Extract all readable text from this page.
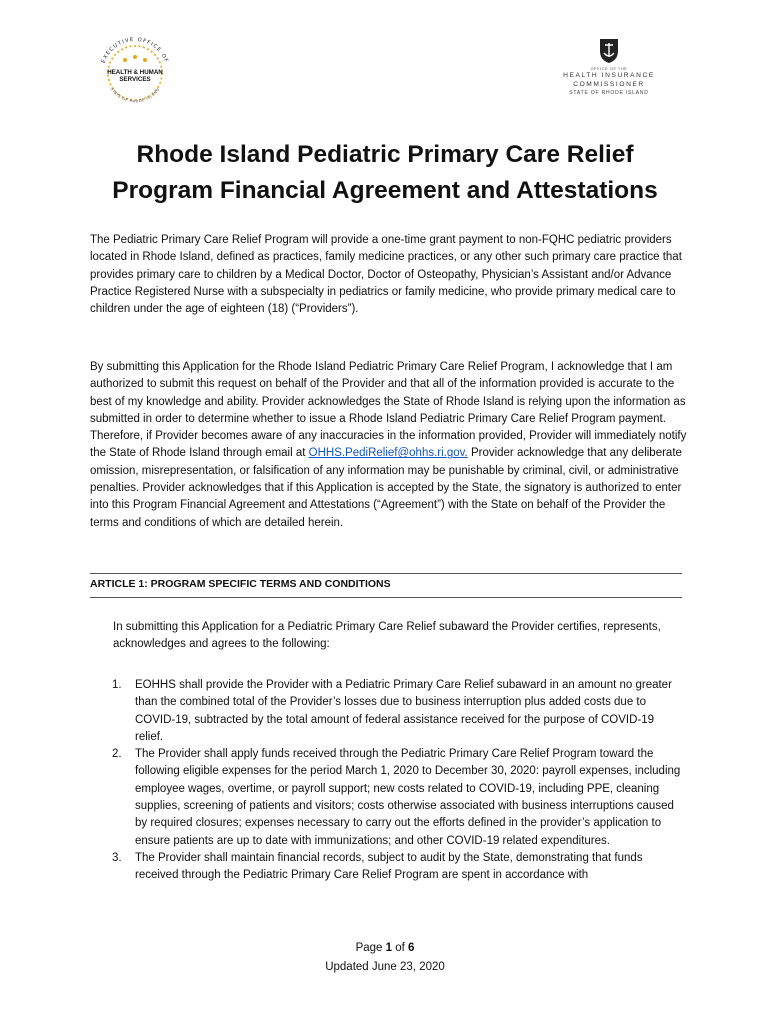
EXECUTIVE OFFICE OF
STATE OF RHODE ISLAND
HEALTH & HUMAN
SERVICES
OFFICE OF THE
HEALTH INSURANCE COMMISSIONER
STATE OF RHODE ISLAND
Rhode Island Pediatric Primary Care Relief
Program Financial Agreement and Attestations

The Pediatric Primary Care Relief Program will provide a one-time grant payment to non-FQHC pediatric providers located in Rhode Island, defined as practices, family medicine practices, or any other such primary care practice that provides primary care to children by a Medical Doctor, Doctor of Osteopathy, Physician’s Assistant and/or Advance Practice Registered Nurse with a subspecialty in pediatrics or family medicine, who provide primary medical care to children under the age of eighteen (18) (“Providers”).

By submitting this Application for the Rhode Island Pediatric Primary Care Relief Program, I acknowledge that I am authorized to submit this request on behalf of the Provider and that all of the information provided is accurate to the best of my knowledge and ability. Provider acknowledges the State of Rhode Island is relying upon the information as submitted in order to determine whether to issue a Rhode Island Pediatric Primary Care Relief Program payment. Therefore, if Provider becomes aware of any inaccuracies in the information provided, Provider will immediately notify the State of Rhode Island through email at OHHS.PediRelief@ohhs.ri.gov. Provider acknowledge that any deliberate omission, misrepresentation, or falsification of any information may be punishable by criminal, civil, or administrative penalties. Provider acknowledges that if this Application is accepted by the State, the signatory is authorized to enter into this Program Financial Agreement and Attestations (“Agreement”) with the State on behalf of the Provider the terms and conditions of which are detailed herein.

ARTICLE 1: PROGRAM SPECIFIC TERMS AND CONDITIONS

In submitting this Application for a Pediatric Primary Care Relief subaward the Provider certifies, represents, acknowledges and agrees to the following:

1. EOHHS shall provide the Provider with a Pediatric Primary Care Relief subaward in an amount no greater than the combined total of the Provider’s losses due to business interruption plus added costs due to COVID-19, subtracted by the total amount of federal assistance received for the purpose of COVID-19 relief.
2. The Provider shall apply funds received through the Pediatric Primary Care Relief Program toward the following eligible expenses for the period March 1, 2020 to December 30, 2020: payroll expenses, including employee wages, overtime, or payroll support; new costs related to COVID-19, including PPE, cleaning supplies, screening of patients and visitors; costs otherwise associated with business interruptions caused by required closures; expenses necessary to carry out the efforts defined in the provider’s application to ensure patients are up to date with immunizations; and other COVID-19 related expenditures.
3. The Provider shall maintain financial records, subject to audit by the State, demonstrating that funds received through the Pediatric Primary Care Relief Program are spent in accordance with
Page 1 of 6
Updated June 23, 2020
